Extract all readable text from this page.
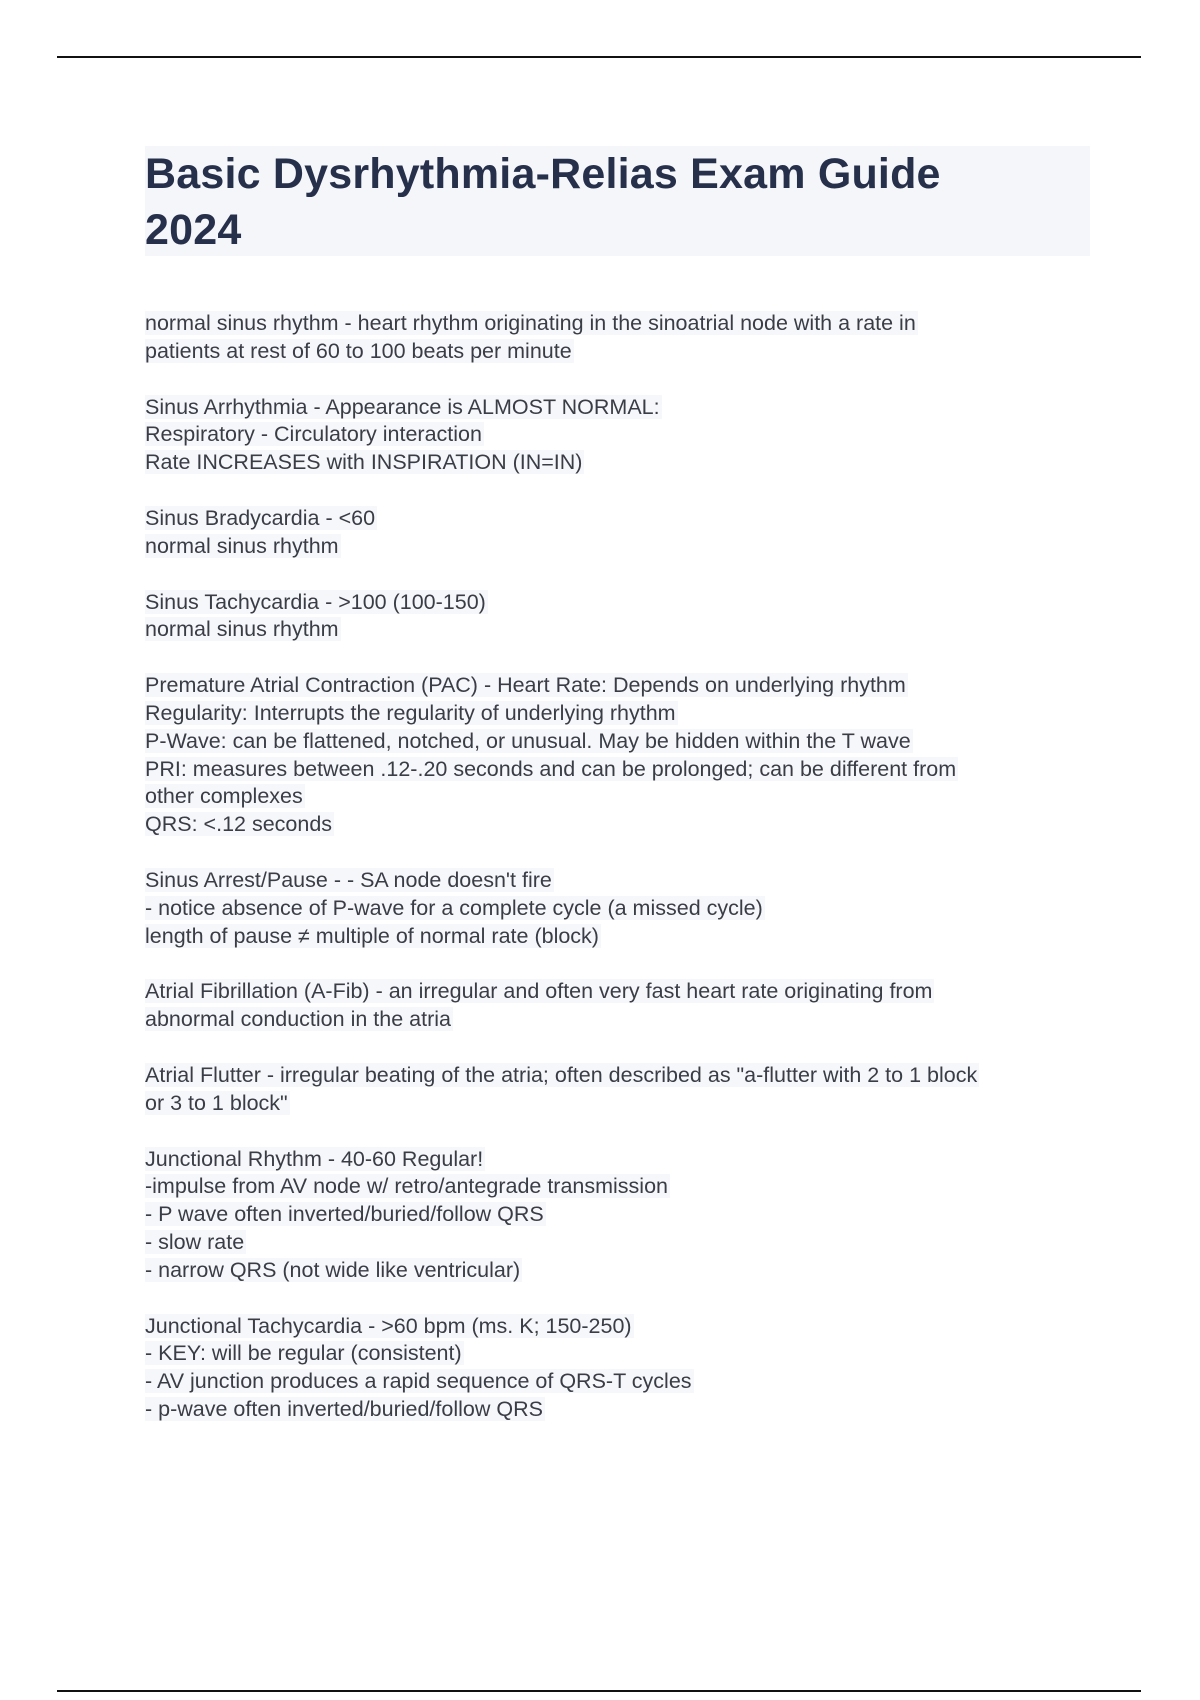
Basic Dysrhythmia-Relias Exam Guide
2024
normal sinus rhythm - heart rhythm originating in the sinoatrial node with a rate in
patients at rest of 60 to 100 beats per minute
Sinus Arrhythmia - Appearance is ALMOST NORMAL:
Respiratory - Circulatory interaction
Rate INCREASES with INSPIRATION (IN=IN)
Sinus Bradycardia - <60
normal sinus rhythm
Sinus Tachycardia - >100 (100-150)
normal sinus rhythm
Premature Atrial Contraction (PAC) - Heart Rate: Depends on underlying rhythm
Regularity: Interrupts the regularity of underlying rhythm
P-Wave: can be flattened, notched, or unusual. May be hidden within the T wave
PRI: measures between .12-.20 seconds and can be prolonged; can be different from
other complexes
QRS: <.12 seconds
Sinus Arrest/Pause - - SA node doesn't fire
- notice absence of P-wave for a complete cycle (a missed cycle)
length of pause ≠ multiple of normal rate (block)
Atrial Fibrillation (A-Fib) - an irregular and often very fast heart rate originating from
abnormal conduction in the atria
Atrial Flutter - irregular beating of the atria; often described as "a-flutter with 2 to 1 block
or 3 to 1 block"
Junctional Rhythm - 40-60 Regular!
-impulse from AV node w/ retro/antegrade transmission
- P wave often inverted/buried/follow QRS
- slow rate
- narrow QRS (not wide like ventricular)
Junctional Tachycardia - >60 bpm (ms. K; 150-250)
- KEY: will be regular (consistent)
- AV junction produces a rapid sequence of QRS-T cycles
- p-wave often inverted/buried/follow QRS
